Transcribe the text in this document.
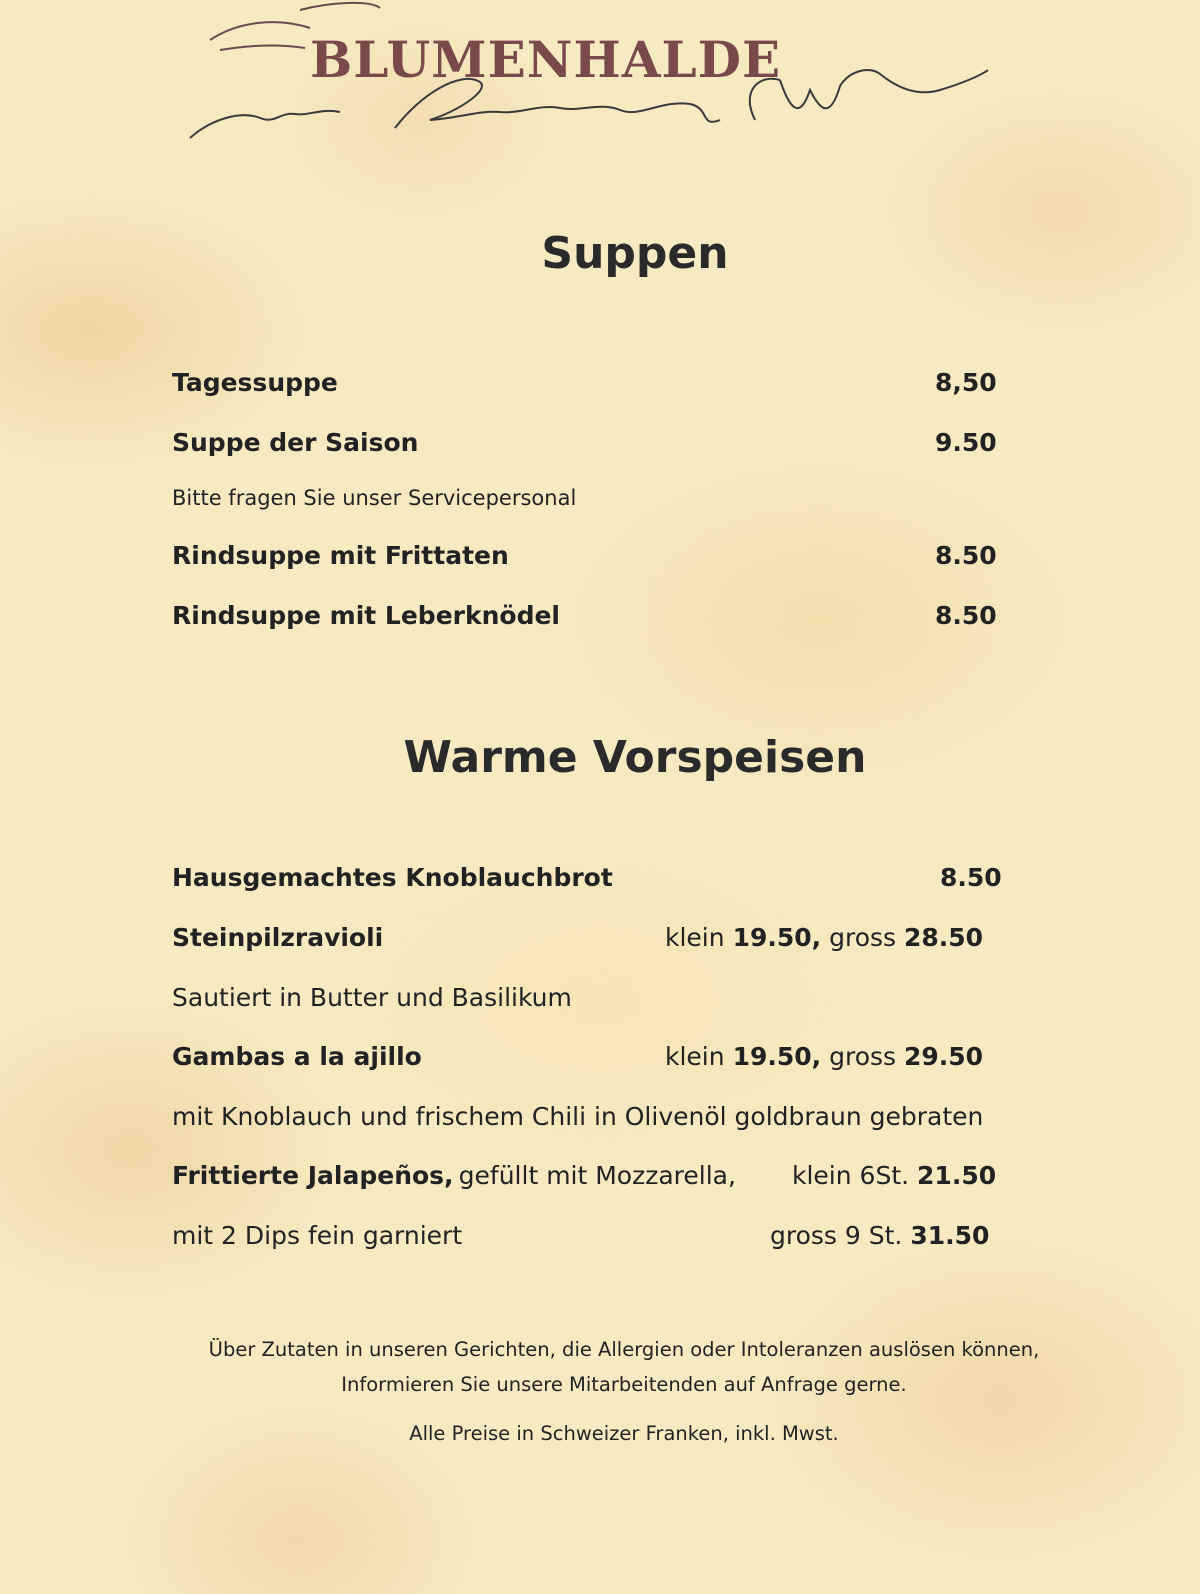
BLUMENHALDE
Suppen
Tagessuppe	8,50
Suppe der Saison	9.50
Bitte fragen Sie unser Servicepersonal
Rindsuppe mit Frittaten	8.50
Rindsuppe mit Leberknödel	8.50
Warme Vorspeisen
Hausgemachtes Knoblauchbrot	8.50
Steinpilzravioli	klein 19.50, gross 28.50
Sautiert in Butter und Basilikum
Gambas a la ajillo	klein 19.50, gross 29.50
mit Knoblauch und frischem Chili in Olivenöl goldbraun gebraten
Frittierte Jalapeños, gefüllt mit Mozzarella, klein 6St. 21.50
mit 2 Dips fein garniert	gross 9 St. 31.50
Über Zutaten in unseren Gerichten, die Allergien oder Intoleranzen auslösen können,
Informieren Sie unsere Mitarbeitenden auf Anfrage gerne.
Alle Preise in Schweizer Franken, inkl. Mwst.
